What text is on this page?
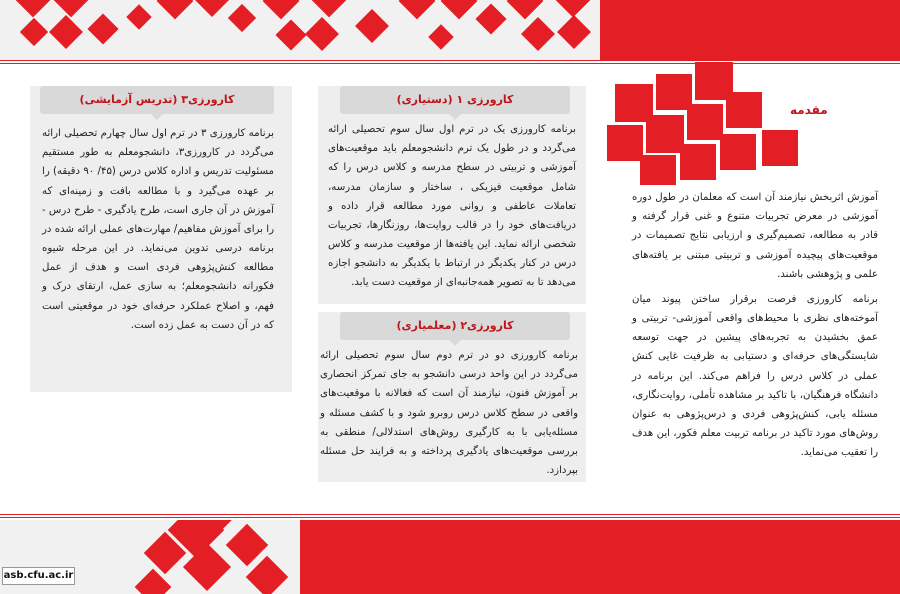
مقدمه

آموزش اثربخش نیازمند آن است که معلمان در طول دوره آموزشی در معرض تجربیات متنوع و غنی قرار گرفته و قادر به مطالعه، تصمیم‌گیری و ارزیابی نتایج تصمیمات در موقعیت‌های پیچیده آموزشی و تربیتی مبتنی بر یافته‌های علمی و پژوهشی باشند.

برنامه کارورزی فرصت برقرار ساختن پیوند میان آموخته‌های نظری با محیط‌های واقعی آموزشی- تربیتی و عمق بخشیدن به تجربه‌های پیشین در جهت توسعه شایستگی‌های حرفه‌ای و دستیابی به ظرفیت غایی کنش عملی در کلاس درس را فراهم می‌کند. این برنامه در دانشگاه فرهنگیان، با تاکید بر مشاهده تأملی، روایت‌نگاری، مسئله یابی، کنش‌پژوهی فردی و درس‌پژوهی به عنوان روش‌های مورد تاکید در برنامه تربیت معلم فکور، این هدف را تعقیب می‌نماید.

کارورزی ۱ (دستیاری)
برنامه کارورزی یک در ترم اول سال سوم تحصیلی ارائه می‌گردد و در طول یک ترم دانشجومعلم باید موقعیت‌های آموزشی و تربیتی در سطح مدرسه و کلاس درس را که شامل موقعیت فیزیکی ، ساختار و سازمان مدرسه، تعاملات عاطفی و روانی مورد مطالعه قرار داده و دریافت‌های خود را در قالب روایت‌ها، روزنگارها، تجربیات شخصی ارائه نماید. این یافته‌ها از موقعیت مدرسه و کلاس درس در کنار یکدیگر در ارتباط با یکدیگر به دانشجو اجازه می‌دهد تا به تصویر همه‌جانبه‌ای از موقعیت دست یابد.
کارورزی۲ (معلمیاری)
برنامه کارورزی دو در ترم دوم سال سوم تحصیلی ارائه می‌گردد در این واحد درسی دانشجو به جای تمرکز انحصاری بر آموزش فنون، نیازمند آن است که فعالانه با موقعیت‌های واقعی در سطح کلاس درس روبرو شود و با کشف مسئله و مسئله‌یابی با به کارگیری روش‌های استدلالی/ منطقی به بررسی موقعیت‌های یادگیری پرداخته و به فرایند حل مسئله بپردازد.
کارورزی۳ (تدریس آزمایشی)
برنامه کارورزی ۳ در ترم اول سال چهارم تحصیلی ارائه می‌گردد در کارورزی۳، دانشجومعلم به طور مستقیم مسئولیت تدریس و اداره کلاس درس (۴۵/ ۹۰ دقیقه) را بر عهده می‌گیرد و با مطالعه بافت و زمینه‌ای که آموزش در آن جاری است، طرح یادگیری - طرح درس - را برای آموزش مفاهیم/ مهارت‌های عملی ارائه شده در برنامه درسی تدوین می‌نماید. در این مرحله شیوه مطالعه کنش‌پژوهی فردی است و هدف از عمل فکورانه دانشجومعلم؛ به سازی عمل، ارتقای درک و فهم، و اصلاح عملکرد حرفه‌ای خود در موقعیتی است که در آن دست به عمل زده است.
asb.cfu.ac.ir
